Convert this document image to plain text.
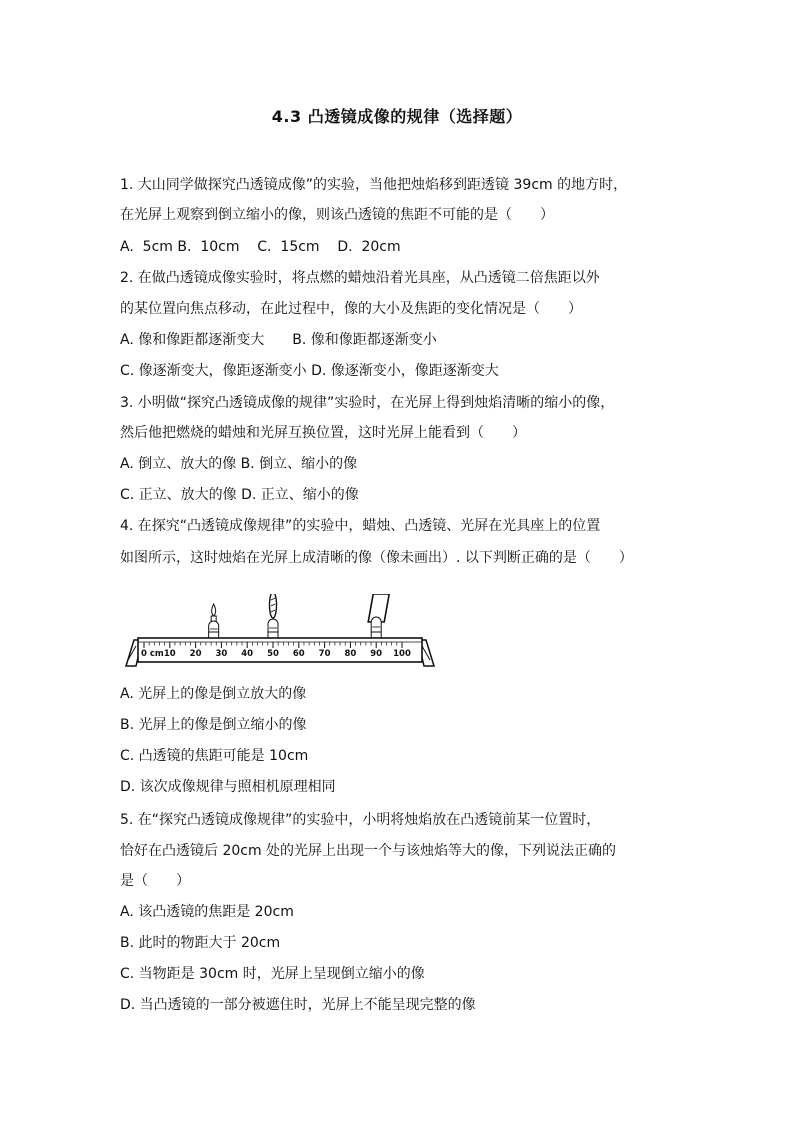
4.3 凸透镜成像的规律（选择题）
1. 大山同学做探究凸透镜成像”的实验，当他把烛焰移到距透镜 39cm 的地方时，
在光屏上观察到倒立缩小的像，则该凸透镜的焦距不可能的是（　　）
A.  5cm B.  10cm    C.  15cm    D.  20cm
2. 在做凸透镜成像实验时，将点燃的蜡烛沿着光具座，从凸透镜二倍焦距以外
的某位置向焦点移动，在此过程中，像的大小及焦距的变化情况是（　　）
A. 像和像距都逐渐变大 B. 像和像距都逐渐变小
C. 像逐渐变大，像距逐渐变小 D. 像逐渐变小，像距逐渐变大
3. 小明做“探究凸透镜成像的规律”实验时，在光屏上得到烛焰清晰的缩小的像，
然后他把燃烧的蜡烛和光屏互换位置，这时光屏上能看到（　　）
A. 倒立、放大的像 B. 倒立、缩小的像
C. 正立、放大的像 D. 正立、缩小的像
4. 在探究“凸透镜成像规律”的实验中，蜡烛、凸透镜、光屏在光具座上的位置
如图所示，这时烛焰在光屏上成清晰的像（像未画出）. 以下判断正确的是（　　）
10 20 30 40 50 60 70 80 90 100
0 cm
A. 光屏上的像是倒立放大的像
B. 光屏上的像是倒立缩小的像
C. 凸透镜的焦距可能是 10cm
D. 该次成像规律与照相机原理相同
5. 在“探究凸透镜成像规律”的实验中，小明将烛焰放在凸透镜前某一位置时，
恰好在凸透镜后 20cm 处的光屏上出现一个与该烛焰等大的像，下列说法正确的
是（　　）
A. 该凸透镜的焦距是 20cm
B. 此时的物距大于 20cm
C. 当物距是 30cm 时，光屏上呈现倒立缩小的像
D. 当凸透镜的一部分被遮住时，光屏上不能呈现完整的像
